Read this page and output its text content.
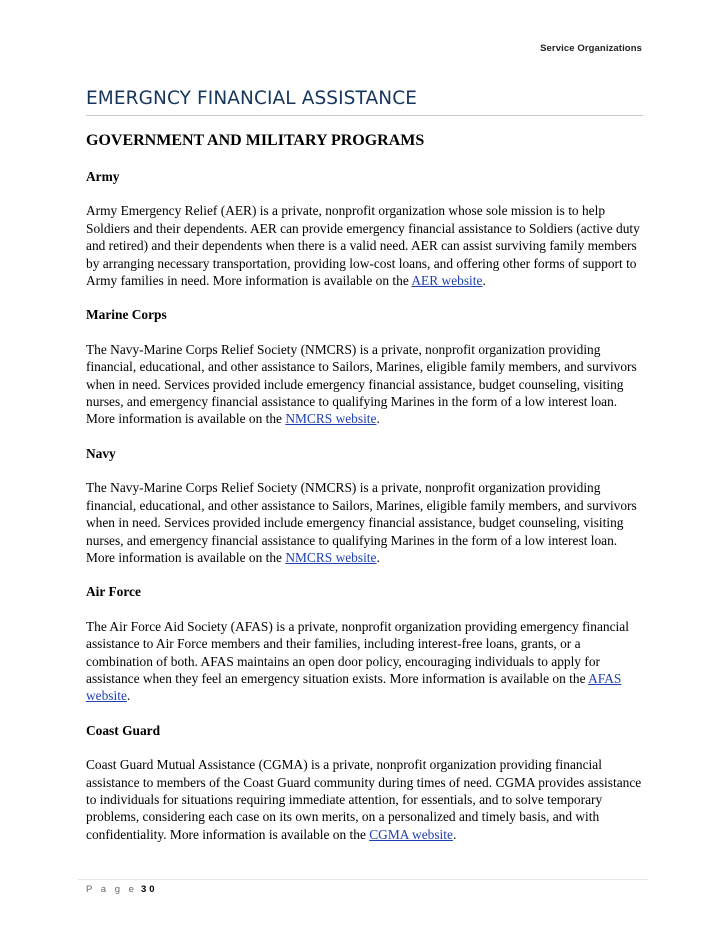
Service Organizations
EMERGNCY FINANCIAL ASSISTANCE
GOVERNMENT AND MILITARY PROGRAMS
Army
Army Emergency Relief (AER) is a private, nonprofit organization whose sole mission is to help Soldiers and their dependents. AER can provide emergency financial assistance to Soldiers (active duty and retired) and their dependents when there is a valid need. AER can assist surviving family members by arranging necessary transportation, providing low-cost loans, and offering other forms of support to Army families in need. More information is available on the AER website.
Marine Corps
The Navy-Marine Corps Relief Society (NMCRS) is a private, nonprofit organization providing financial, educational, and other assistance to Sailors, Marines, eligible family members, and survivors when in need. Services provided include emergency financial assistance, budget counseling, visiting nurses, and emergency financial assistance to qualifying Marines in the form of a low interest loan. More information is available on the NMCRS website.
Navy
The Navy-Marine Corps Relief Society (NMCRS) is a private, nonprofit organization providing financial, educational, and other assistance to Sailors, Marines, eligible family members, and survivors when in need. Services provided include emergency financial assistance, budget counseling, visiting nurses, and emergency financial assistance to qualifying Marines in the form of a low interest loan. More information is available on the NMCRS website.
Air Force
The Air Force Aid Society (AFAS) is a private, nonprofit organization providing emergency financial assistance to Air Force members and their families, including interest-free loans, grants, or a combination of both. AFAS maintains an open door policy, encouraging individuals to apply for assistance when they feel an emergency situation exists. More information is available on the AFAS website.
Coast Guard
Coast Guard Mutual Assistance (CGMA) is a private, nonprofit organization providing financial assistance to members of the Coast Guard community during times of need. CGMA provides assistance to individuals for situations requiring immediate attention, for essentials, and to solve temporary problems, considering each case on its own merits, on a personalized and timely basis, and with confidentiality. More information is available on the CGMA website.
P a g e 30
